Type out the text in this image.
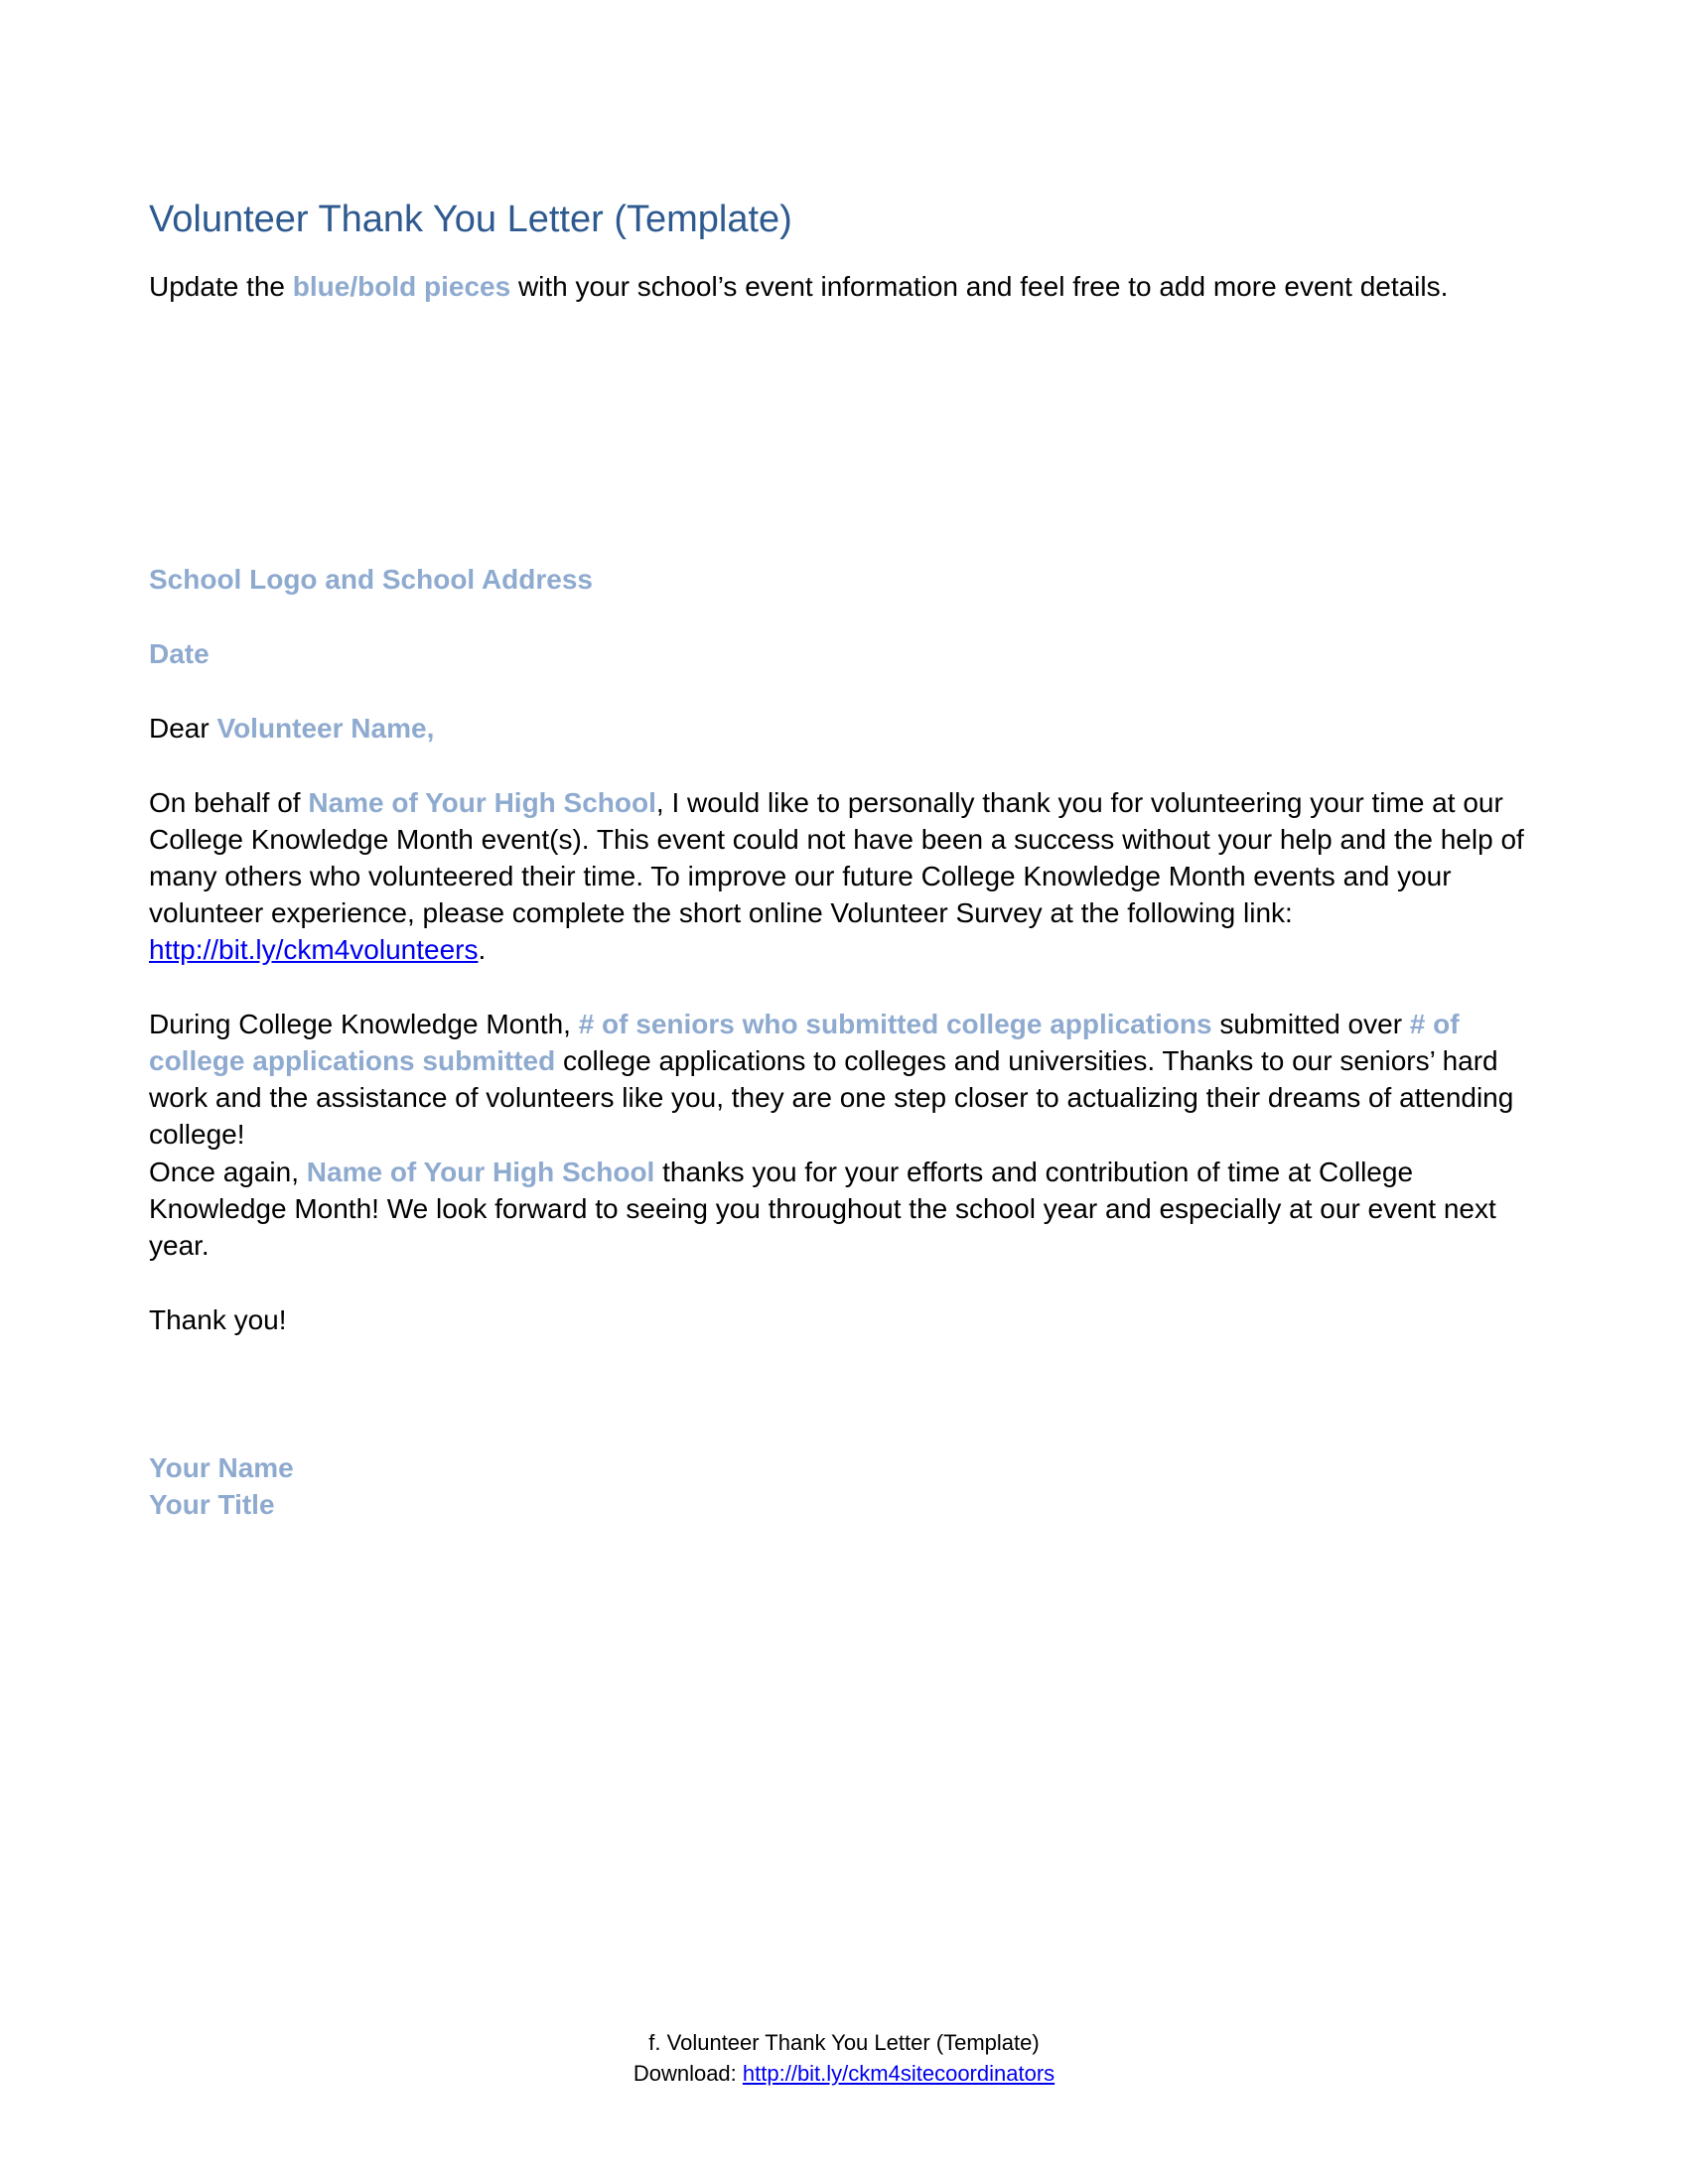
Volunteer Thank You Letter (Template)

Update the blue/bold pieces with your school’s event information and feel free to add more event details.

School Logo and School Address

Date

Dear Volunteer Name,

On behalf of Name of Your High School, I would like to personally thank you for volunteering your time at our College Knowledge Month event(s). This event could not have been a success without your help and the help of many others who volunteered their time. To improve our future College Knowledge Month events and your volunteer experience, please complete the short online Volunteer Survey at the following link: http://bit.ly/ckm4volunteers.

During College Knowledge Month, # of seniors who submitted college applications submitted over # of college applications submitted college applications to colleges and universities. Thanks to our seniors’ hard work and the assistance of volunteers like you, they are one step closer to actualizing their dreams of attending college!

Once again, Name of Your High School thanks you for your efforts and contribution of time at College Knowledge Month! We look forward to seeing you throughout the school year and especially at our event next year.

Thank you!

Your Name

Your Title

f. Volunteer Thank You Letter (Template)
Download: http://bit.ly/ckm4sitecoordinators
